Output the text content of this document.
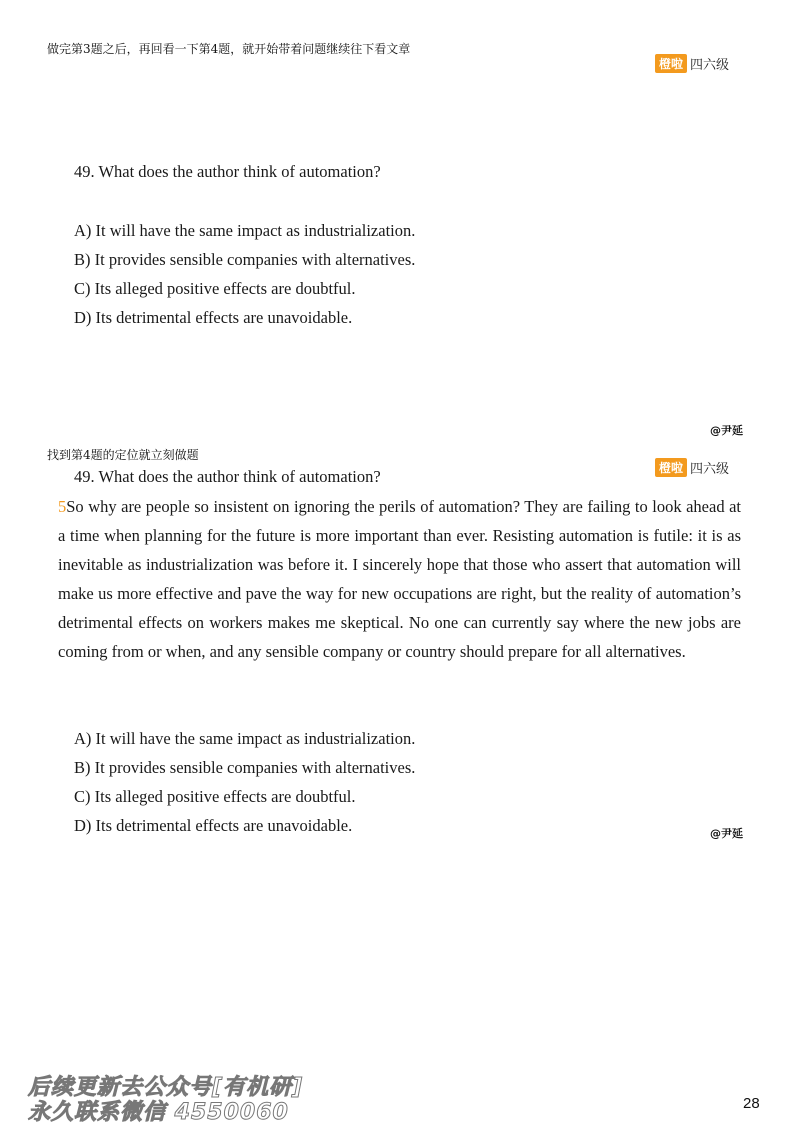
做完第3题之后，再回看一下第4题，就开始带着问题继续往下看文章
橙啦 四六级
49. What does the author think of automation?
A) It will have the same impact as industrialization.
B) It provides sensible companies with alternatives.
C) Its alleged positive effects are doubtful.
D) Its detrimental effects are unavoidable.
@尹延
找到第4题的定位就立刻做题
橙啦 四六级
49. What does the author think of automation?
5So why are people so insistent on ignoring the perils of automation? They are failing to look ahead at a time when planning for the future is more important than ever. Resisting automation is futile: it is as inevitable as industrialization was before it. I sincerely hope that those who assert that automation will make us more effective and pave the way for new occupations are right, but the reality of automation’s detrimental effects on workers makes me skeptical. No one can currently say where the new jobs are coming from or when, and any sensible company or country should prepare for all alternatives.
A) It will have the same impact as industrialization.
B) It provides sensible companies with alternatives.
C) Its alleged positive effects are doubtful.
D) Its detrimental effects are unavoidable.	@尹延
后续更新去公众号[有机研]
永久联系微信 4550060	28
